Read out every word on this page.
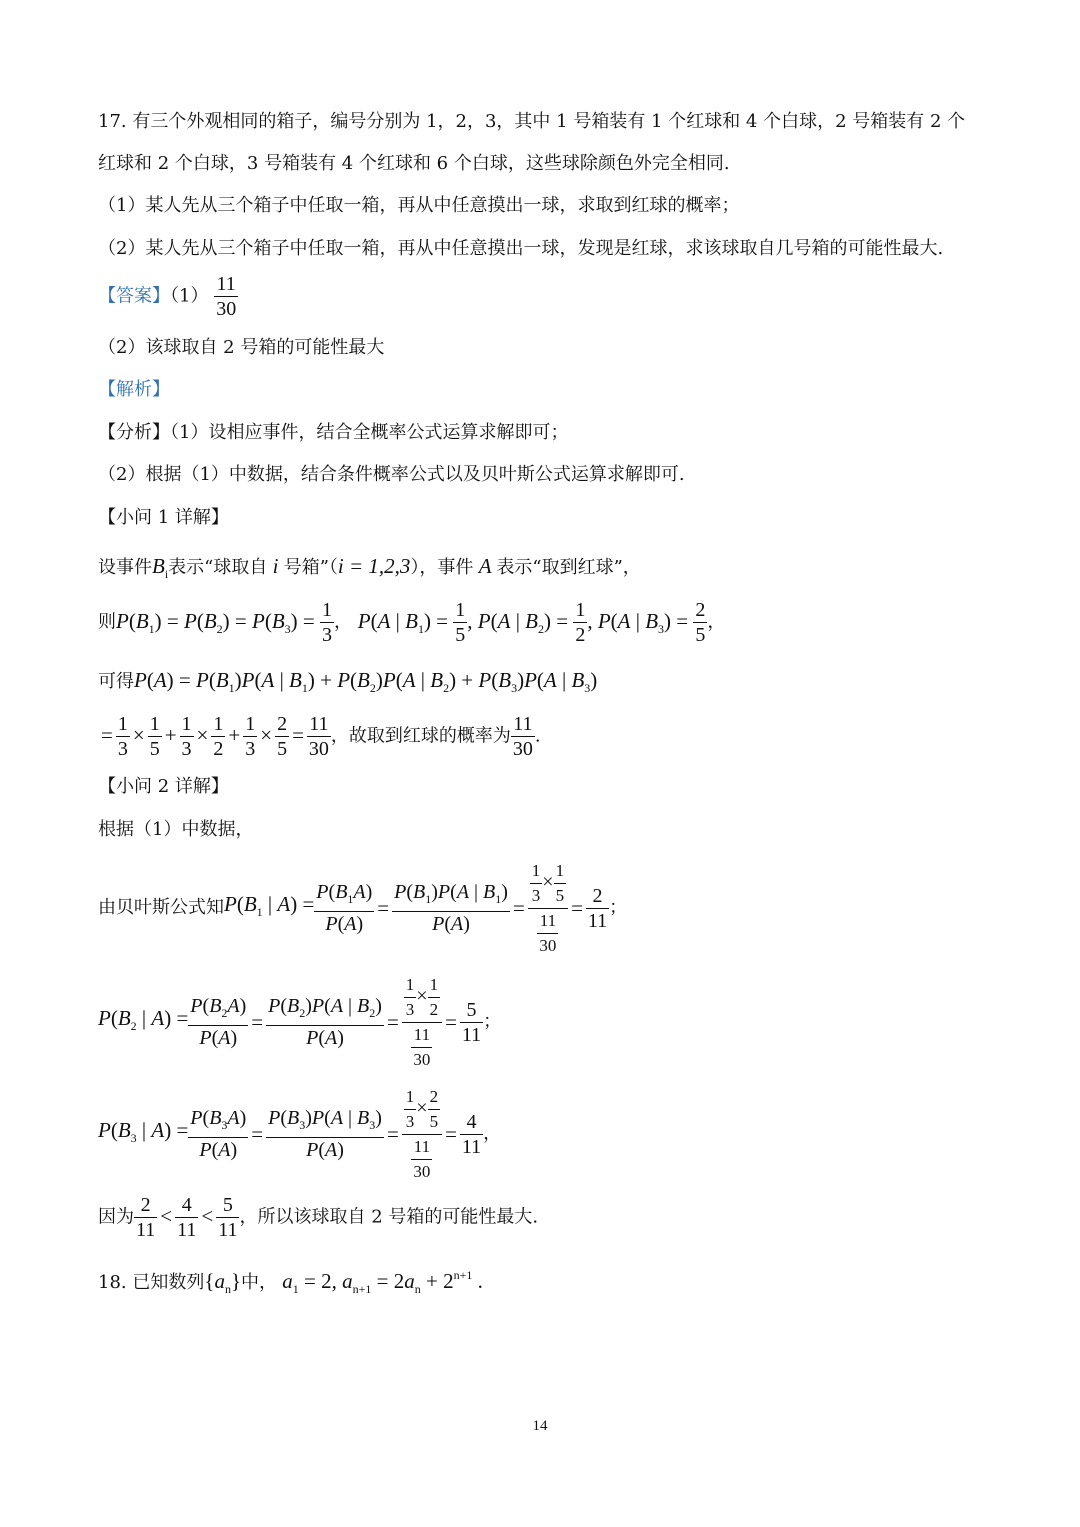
17. 有三个外观相同的箱子，编号分别为 1，2，3，其中 1 号箱装有 1 个红球和 4 个白球，2 号箱装有 2 个
红球和 2 个白球，3 号箱装有 4 个红球和 6 个白球，这些球除颜色外完全相同.
（1）某人先从三个箱子中任取一箱，再从中任意摸出一球，求取到红球的概率；
（2）某人先从三个箱子中任取一箱，再从中任意摸出一球，发现是红球，求该球取自几号箱的可能性最大.
【答案】$(1) \frac{11}{30}$
（2）该球取自 2 号箱的可能性最大
【解析】
【分析】（1）设相应事件，结合全概率公式运算求解即可；
（2）根据（1）中数据，结合条件概率公式以及贝叶斯公式运算求解即可.
【小问 1 详解】
设事件$B_i$表示“球取自 i 号箱”（i = 1,2,3），事件 A 表示“取到红球”，
则$P(B_1) = P(B_2) = P(B_3) = \frac{1}{3}$ ， P(A | $B_1) = \frac{1}{5}$ , P(A | $B_2) = \frac{1}{2}$ , P(A | $B_3) = \frac{2}{5}$ ，
可得$P(A) = P(B_1)P(A$ | $B_1) + P(B_2)P(A$ | $B_2) + P(B_3)P(A$ | $B_3$)
= $\frac{1}{3} \times \frac{1}{5} + \frac{1}{3} \times \frac{1}{2} + \frac{1}{3} \times \frac{2}{5} = \frac{11}{30}$ ，故取到红球的概率为 $\frac{11}{30}$ .
【小问 2 详解】
根据（1）中数据，
由贝叶斯公式知 $P(B_1$ | $A) = \frac{P(B_1A)}{P(A)} = \frac{P(B_1)P(A | B_1)}{P(A)} = \frac{\frac{1}{3} \times \frac{1}{5}}{\frac{11}{30}} = \frac{2}{11}$ ；
$P(B_2$ | $A) = \frac{P(B_2A)}{P(A)} = \frac{P(B_2)P(A | B_2)}{P(A)} = \frac{\frac{1}{3} \times \frac{1}{2}}{\frac{11}{30}} = \frac{5}{11}$ ；
$P(B_3$ | $A) = \frac{P(B_3A)}{P(A)} = \frac{P(B_3)P(A | B_3)}{P(A)} = \frac{\frac{1}{3} \times \frac{2}{5}}{\frac{11}{30}} = \frac{4}{11}$ ，
因为 $\frac{2}{11} < \frac{4}{11} < \frac{5}{11}$ ，所以该球取自 2 号箱的可能性最大.
18. 已知数列$\{a_n\}$中， $a_1 = 2$, $a_{n+1} = 2a_n + 2^{n+1}$ .
14
